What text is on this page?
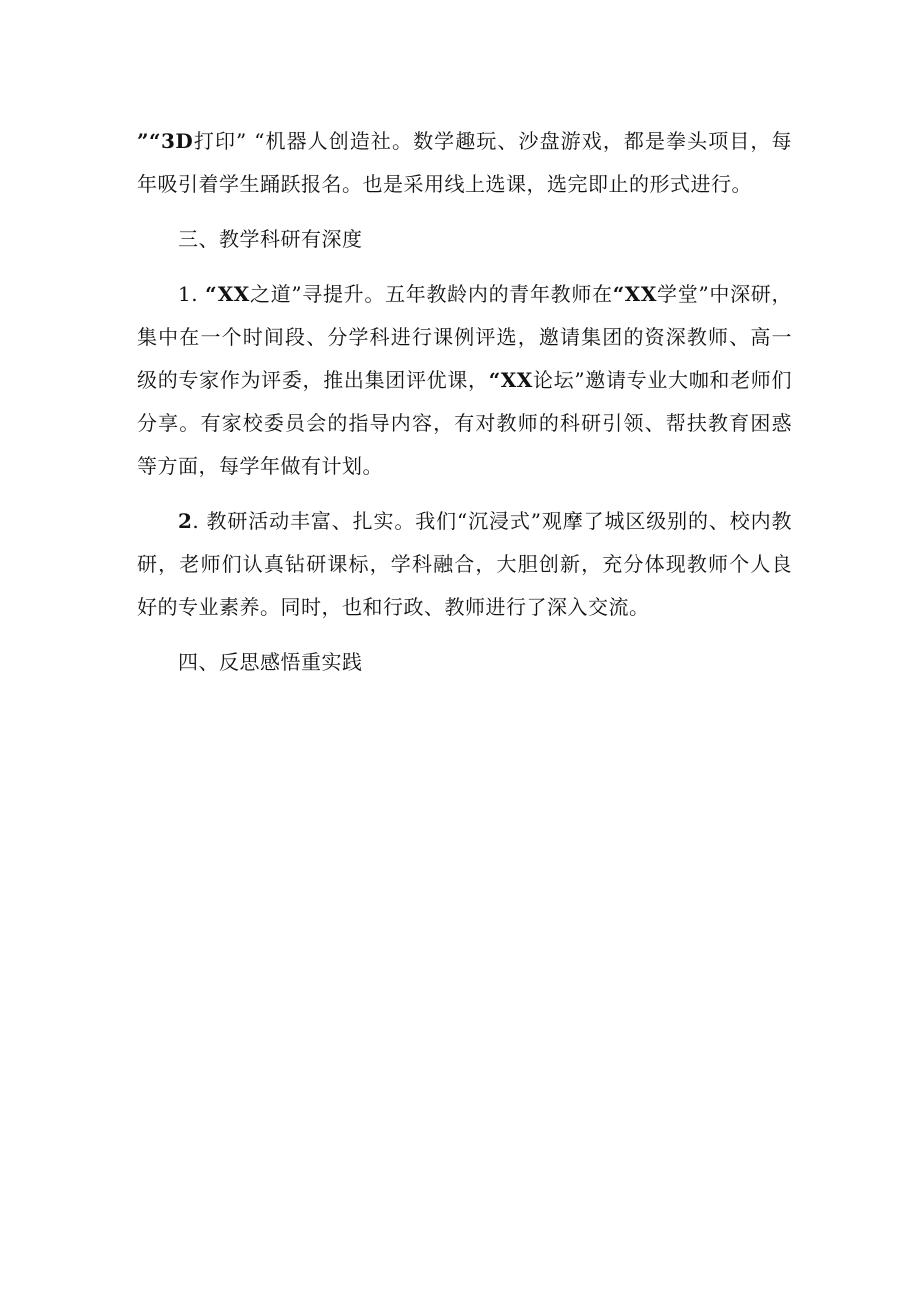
”“3D打印” “机器人创造社。数学趣玩、沙盘游戏，都是拳头项目，每年吸引着学生踊跃报名。也是采用线上选课，选完即止的形式进行。

三、教学科研有深度

1. “XX之道”寻提升。五年教龄内的青年教师在“XX学堂”中深研，集中在一个时间段、分学科进行课例评选，邀请集团的资深教师、高一级的专家作为评委，推出集团评优课，“XX论坛”邀请专业大咖和老师们分享。有家校委员会的指导内容，有对教师的科研引领、帮扶教育困惑等方面，每学年做有计划。

2. 教研活动丰富、扎实。我们“沉浸式”观摩了城区级别的、校内教研，老师们认真钻研课标，学科融合，大胆创新，充分体现教师个人良好的专业素养。同时，也和行政、教师进行了深入交流。

四、反思感悟重实践
